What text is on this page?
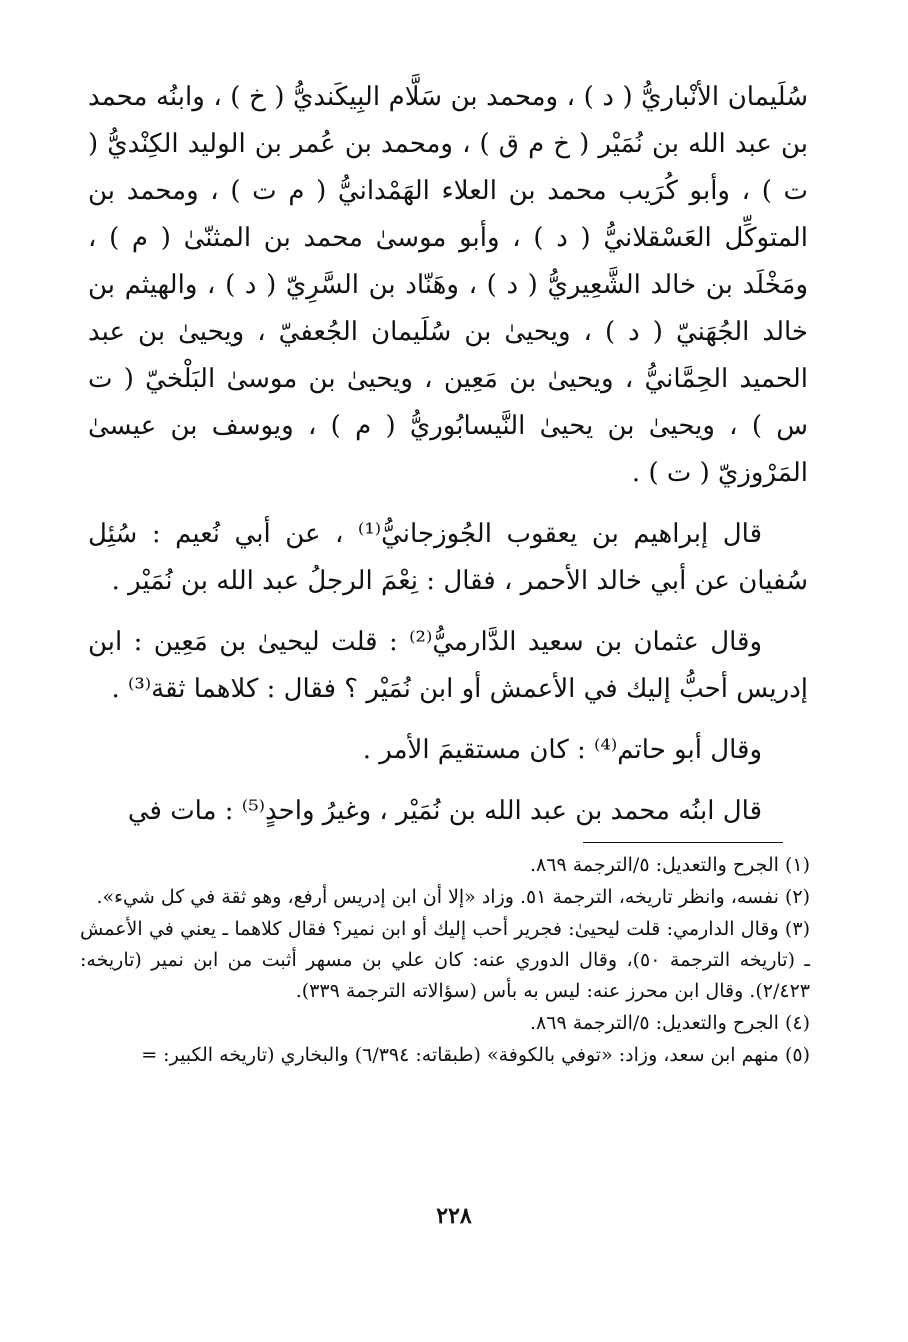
سُلَيمان الأنْباريُّ ( د ) ، ومحمد بن سَلَّام البِيكَنديُّ ( خ ) ، وابنُه محمد بن عبد الله بن نُمَيْر ( خ م ق ) ، ومحمد بن عُمر بن الوليد الكِنْديُّ ( ت ) ، وأبو كُرَيب محمد بن العلاء الهَمْدانيُّ ( م ت ) ، ومحمد بن المتوكِّل العَسْقلانيُّ ( د ) ، وأبو موسىٰ محمد بن المثنّىٰ ( م ) ، ومَخْلَد بن خالد الشَّعِيريُّ ( د ) ، وهَنّاد بن السَّرِيّ ( د ) ، والهيثم بن خالد الجُهَنيّ ( د ) ، ويحيىٰ بن سُلَيمان الجُعفيّ ، ويحيىٰ بن عبد الحميد الحِمَّانيُّ ، ويحيىٰ بن مَعِين ، ويحيىٰ بن موسىٰ البَلْخيّ ( ت س ) ، ويحيىٰ بن يحيىٰ النَّيسابُوريُّ ( م ) ، ويوسف بن عيسىٰ المَرْوزيّ ( ت ) .

قال إبراهيم بن يعقوب الجُوزجانيُّ⁽¹⁾ ، عن أبي نُعيم : سُئِل سُفيان عن أبي خالد الأحمر ، فقال : نِعْمَ الرجلُ عبد الله بن نُمَيْر .

وقال عثمان بن سعيد الدَّارميُّ⁽²⁾ : قلت ليحيىٰ بن مَعِين : ابن إدريس أحبُّ إليك في الأعمش أو ابن نُمَيْر ؟ فقال : كلاهما ثقة⁽³⁾ .

وقال أبو حاتم⁽⁴⁾ : كان مستقيمَ الأمر .

قال ابنُه محمد بن عبد الله بن نُمَيْر ، وغيرُ واحدٍ⁽⁵⁾ : مات في

(١) الجرح والتعديل: ٥/الترجمة ٨٦٩.

(٢) نفسه، وانظر تاريخه، الترجمة ٥١. وزاد «إلا أن ابن إدريس أرفع، وهو ثقة في كل شيء».

(٣) وقال الدارمي: قلت ليحيىٰ: فجرير أحب إليك أو ابن نمير؟ فقال كلاهما ـ يعني في الأعمش ـ (تاريخه الترجمة ٥٠)، وقال الدوري عنه: كان علي بن مسهر أثبت من ابن نمير (تاريخه: ٢/٤٢٣). وقال ابن محرز عنه: ليس به بأس (سؤالاته الترجمة ٣٣٩).

(٤) الجرح والتعديل: ٥/الترجمة ٨٦٩.

(٥) منهم ابن سعد، وزاد: «توفي بالكوفة» (طبقاته: ٦/٣٩٤) والبخاري (تاريخه الكبير: =

٢٢٨
